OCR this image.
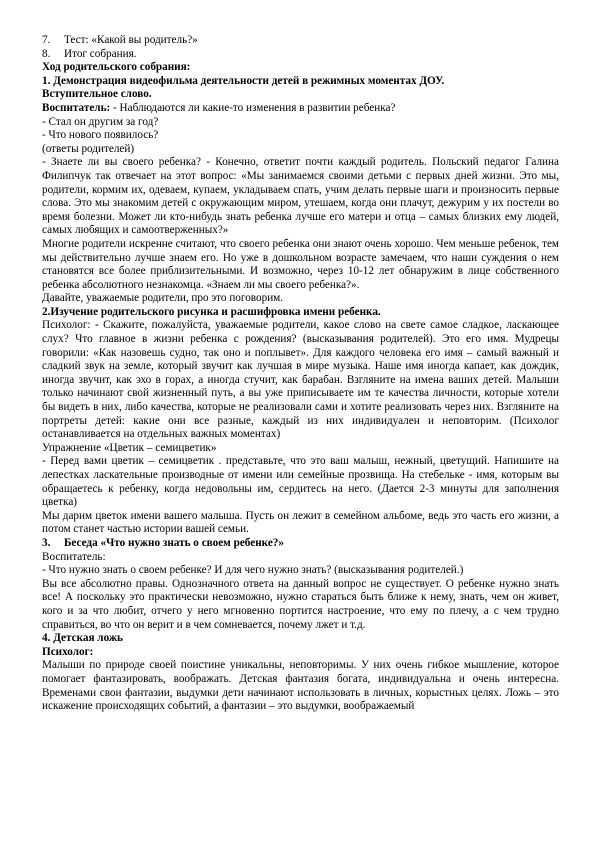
7.	Тест: «Какой вы родитель?»
8.	Итог собрания.
Ход родительского собрания:
1. Демонстрация видеофильма деятельности детей в режимных моментах ДОУ.
Вступительное слово.
Воспитатель: - Наблюдаются ли какие-то изменения в развитии ребенка?
- Стал он другим за год?
- Что нового появилось?
(ответы родителей)
- Знаете ли вы своего ребенка? - Конечно, ответит почти каждый родитель. Польский педагог Галина Филипчук так отвечает на этот вопрос: «Мы занимаемся своими детьми с первых дней жизни. Это мы, родители, кормим их, одеваем, купаем, укладываем спать, учим делать первые шаги и произносить первые слова. Это мы знакомим детей с окружающим миром, утешаем, когда они плачут, дежурим у их постели во время болезни. Может ли кто-нибудь знать ребенка лучше его матери и отца – самых близких ему людей, самых любящих и самоотверженных?»
Многие родители искренне считают, что своего ребенка они знают очень хорошо. Чем меньше ребенок, тем мы действительно лучше знаем его. Но уже в дошкольном возрасте замечаем, что наши суждения о нем становятся все более приблизительными. И возможно, через 10-12 лет обнаружим в лице собственного ребенка абсолютного незнакомца. «Знаем ли мы своего ребенка?».
Давайте, уважаемые родители, про это поговорим.
2.Изучение родительского рисунка и расшифровка имени ребенка.
Психолог: - Скажите, пожалуйста, уважаемые родители, какое слово на свете самое сладкое, ласкающее слух? Что главное в жизни ребенка с рождения? (высказывания родителей). Это его имя. Мудрецы говорили: «Как назовешь судно, так оно и поплывет». Для каждого человека его имя – самый важный и сладкий звук на земле, который звучит как лучшая в мире музыка. Наше имя иногда капает, как дождик, иногда звучит, как эхо в горах, а иногда стучит, как барабан. Взгляните на имена ваших детей. Малыши только начинают свой жизненный путь, а вы уже приписываете им те качества личности, которые хотели бы видеть в них, либо качества, которые не реализовали сами и хотите реализовать через них. Взгляните на портреты детей: какие они все разные, каждый из них индивидуален и неповторим. (Психолог останавливается на отдельных важных моментах)
Упражнение «Цветик – семицветик»
- Перед вами цветик – семицветик . представьте, что это ваш малыш, нежный, цветущий. Напишите на лепестках ласкательные производные от имени или семейные прозвища. На стебельке - имя, которым вы обращаетесь к ребенку, когда недовольны им, сердитесь на него. (Дается 2-3 минуты для заполнения цветка)
Мы дарим цветок имени вашего малыша. Пусть он лежит в семейном альбоме, ведь это часть его жизни, а потом станет частью истории вашей семьи.
3. Беседа «Что нужно знать о своем ребенке?»
Воспитатель:
- Что нужно знать о своем ребенке? И для чего нужно знать? (высказывания родителей.)
Вы все абсолютно правы. Однозначного ответа на данный вопрос не существует. О ребенке нужно знать все! А поскольку это практически невозможно, нужно стараться быть ближе к нему, знать, чем он живет, кого и за что любит, отчего у него мгновенно портится настроение, что ему по плечу, а с чем трудно справиться, во что он верит и в чем сомневается, почему лжет и т.д.
4. Детская ложь
Психолог:
Малыши по природе своей поистине уникальны, неповторимы. У них очень гибкое мышление, которое помогает фантазировать, воображать. Детская фантазия богата, индивидуальна и очень интересна. Временами свои фантазии, выдумки дети начинают использовать в личных, корыстных целях. Ложь – это искажение происходящих событий, а фантазии – это выдумки, воображаемый
